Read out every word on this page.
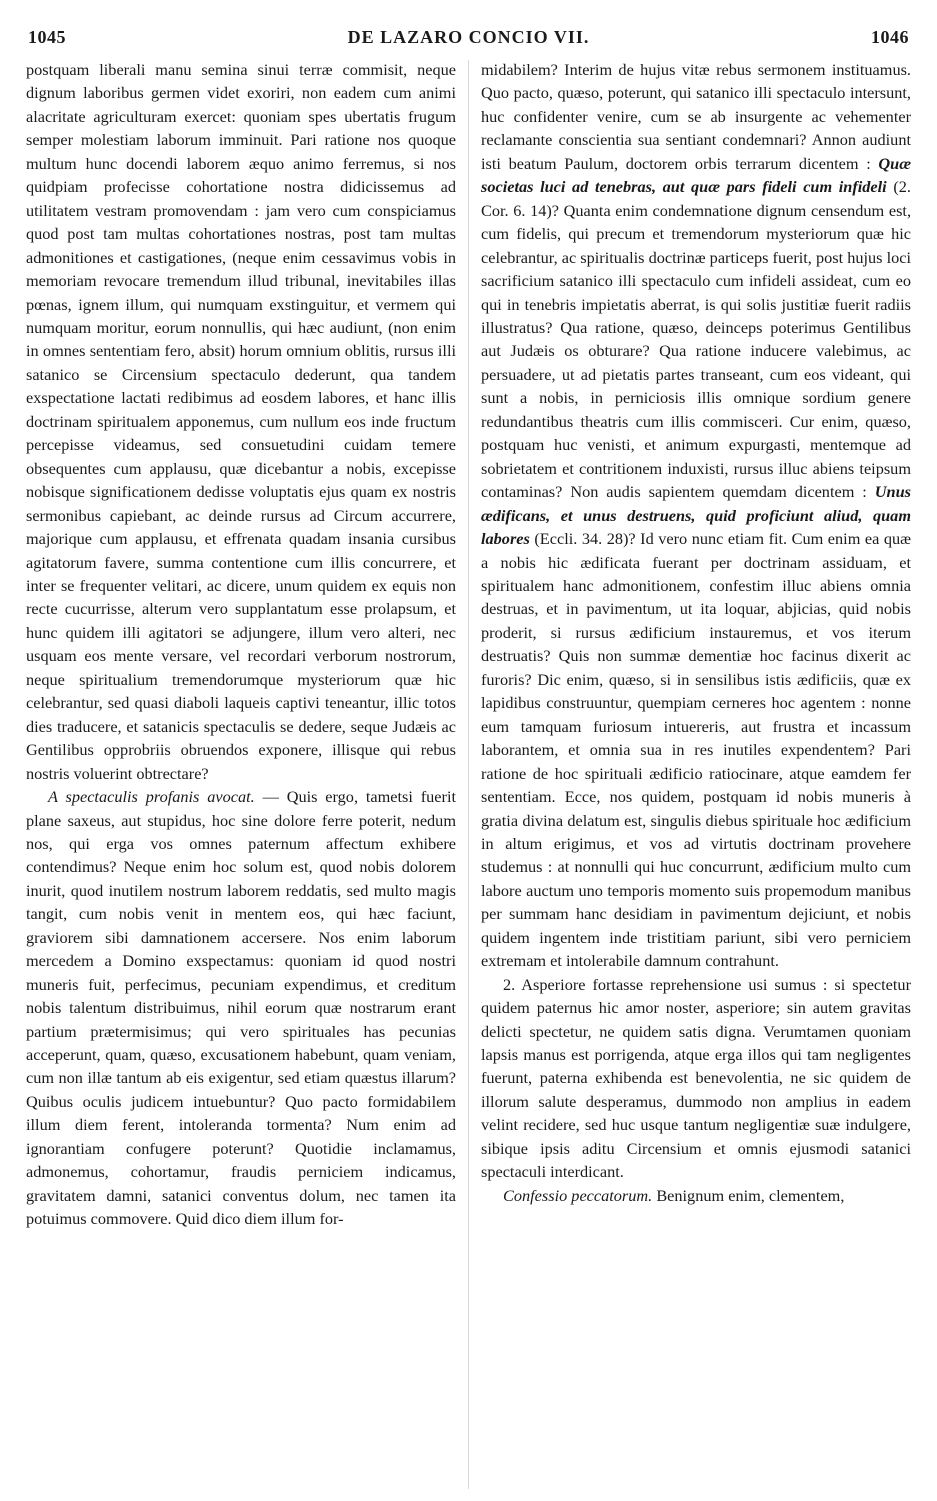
1045	DE LAZARO CONCIO VII.	1046

postquam liberali manu semina sinui terræ commisit, neque dignum laboribus germen videt exoriri, non eadem cum animi alacritate agriculturam exercet: quoniam spes ubertatis frugum semper molestiam laborum imminuit. Pari ratione nos quoque multum hunc docendi laborem æquo animo ferremus, si nos quidpiam profecisse cohortatione nostra didicissemus ad utilitatem vestram promovendam : jam vero cum conspiciamus quod post tam multas cohortationes nostras, post tam multas admonitiones et castigationes, (neque enim cessavimus vobis in memoriam revocare tremendum illud tribunal, inevitabiles illas pœnas, ignem illum, qui numquam exstinguitur, et vermem qui numquam moritur, eorum nonnullis, qui hæc audiunt, (non enim in omnes sententiam fero, absit) horum omnium oblitis, rursus illi satanico se Circensium spectaculo dederunt, qua tandem exspectatione lactati redibimus ad eosdem labores, et hanc illis doctrinam spiritualem apponemus, cum nullum eos inde fructum percepisse videamus, sed consuetudini cuidam temere obsequentes cum applausu, quæ dicebantur a nobis, excepisse nobisque significationem dedisse voluptatis ejus quam ex nostris sermonibus capiebant, ac deinde rursus ad Circum accurrere, majorique cum applausu, et effrenata quadam insania cursibus agitatorum favere, summa contentione cum illis concurrere, et inter se frequenter velitari, ac dicere, unum quidem ex equis non recte cucurrisse, alterum vero supplantatum esse prolapsum, et hunc quidem illi agitatori se adjungere, illum vero alteri, nec usquam eos mente versare, vel recordari verborum nostrorum, neque spiritualium tremendorumque mysteriorum quæ hic celebrantur, sed quasi diaboli laqueis captivi teneantur, illic totos dies traducere, et satanicis spectaculis se dedere, seque Judæis ac Gentilibus opprobriis obruendos exponere, illisque qui rebus nostris voluerint obtrectare?

A spectaculis profanis avocat. — Quis ergo, tametsi fuerit plane saxeus, aut stupidus, hoc sine dolore ferre poterit, nedum nos, qui erga vos omnes paternum affectum exhibere contendimus? Neque enim hoc solum est, quod nobis dolorem inurit, quod inutilem nostrum laborem reddatis, sed multo magis tangit, cum nobis venit in mentem eos, qui hæc faciunt, graviorem sibi damnationem accersere. Nos enim laborum mercedem a Domino exspectamus: quoniam id quod nostri muneris fuit, perfecimus, pecuniam expendimus, et creditum nobis talentum distribuimus, nihil eorum quæ nostrarum erant partium prætermisimus; qui vero spirituales has pecunias acceperunt, quam, quæso, excusationem habebunt, quam veniam, cum non illæ tantum ab eis exigentur, sed etiam quæstus illarum? Quibus oculis judicem intuebuntur? Quo pacto formidabilem illum diem ferent, intoleranda tormenta? Num enim ad ignorantiam confugere poterunt? Quotidie inclamamus, admonemus, cohortamur, fraudis perniciem indicamus, gravitatem damni, satanici conventus dolum, nec tamen ita potuimus commovere. Quid dico diem illum for-

midabilem? Interim de hujus vitæ rebus sermonem instituamus. Quo pacto, quæso, poterunt, qui satanico illi spectaculo intersunt, huc confidenter venire, cum se ab insurgente ac vehementer reclamante conscientia sua sentiant condemnari? Annon audiunt isti beatum Paulum, doctorem orbis terrarum dicentem : Quæ societas luci ad tenebras, aut quæ pars fideli cum infideli (2. Cor. 6. 14)? Quanta enim condemnatione dignum censendum est, cum fidelis, qui precum et tremendorum mysteriorum quæ hic celebrantur, ac spiritualis doctrinæ particeps fuerit, post hujus loci sacrificium satanico illi spectaculo cum infideli assideat, cum eo qui in tenebris impietatis aberrat, is qui solis justitiæ fuerit radiis illustratus? Qua ratione, quæso, deinceps poterimus Gentilibus aut Judæis os obturare? Qua ratione inducere valebimus, ac persuadere, ut ad pietatis partes transeant, cum eos videant, qui sunt a nobis, in perniciosis illis omnique sordium genere redundantibus theatris cum illis commisceri. Cur enim, quæso, postquam huc venisti, et animum expurgasti, mentemque ad sobrietatem et contritionem induxisti, rursus illuc abiens teipsum contaminas? Non audis sapientem quemdam dicentem : Unus ædificans, et unus destruens, quid proficiunt aliud, quam labores (Eccli. 34. 28)? Id vero nunc etiam fit. Cum enim ea quæ a nobis hic ædificata fuerant per doctrinam assiduam, et spiritualem hanc admonitionem, confestim illuc abiens omnia destruas, et in pavimentum, ut ita loquar, abjicias, quid nobis proderit, si rursus ædificium instauremus, et vos iterum destruatis? Quis non summæ dementiæ hoc facinus dixerit ac furoris? Dic enim, quæso, si in sensilibus istis ædificiis, quæ ex lapidibus construuntur, quempiam cerneres hoc agentem : nonne eum tamquam furiosum intuereris, aut frustra et incassum laborantem, et omnia sua in res inutiles expendentem? Pari ratione de hoc spirituali ædificio ratiocinare, atque eamdem fer sententiam. Ecce, nos quidem, postquam id nobis muneris à gratia divina delatum est, singulis diebus spirituale hoc ædificium in altum erigimus, et vos ad virtutis doctrinam provehere studemus : at nonnulli qui huc concurrunt, ædificium multo cum labore auctum uno temporis momento suis propemodum manibus per summam hanc desidiam in pavimentum dejiciunt, et nobis quidem ingentem inde tristitiam pariunt, sibi vero perniciem extremam et intolerabile damnum contrahunt.

2. Asperiore fortasse reprehensione usi sumus : si spectetur quidem paternus hic amor noster, asperiore; sin autem gravitas delicti spectetur, ne quidem satis digna. Verumtamen quoniam lapsis manus est porrigenda, atque erga illos qui tam negligentes fuerunt, paterna exhibenda est benevolentia, ne sic quidem de illorum salute desperamus, dummodo non amplius in eadem velint recidere, sed huc usque tantum negligentiæ suæ indulgere, sibique ipsis aditu Circensium et omnis ejusmodi satanici spectaculi interdicant.

Confessio peccatorum. Benignum enim, clementem,
